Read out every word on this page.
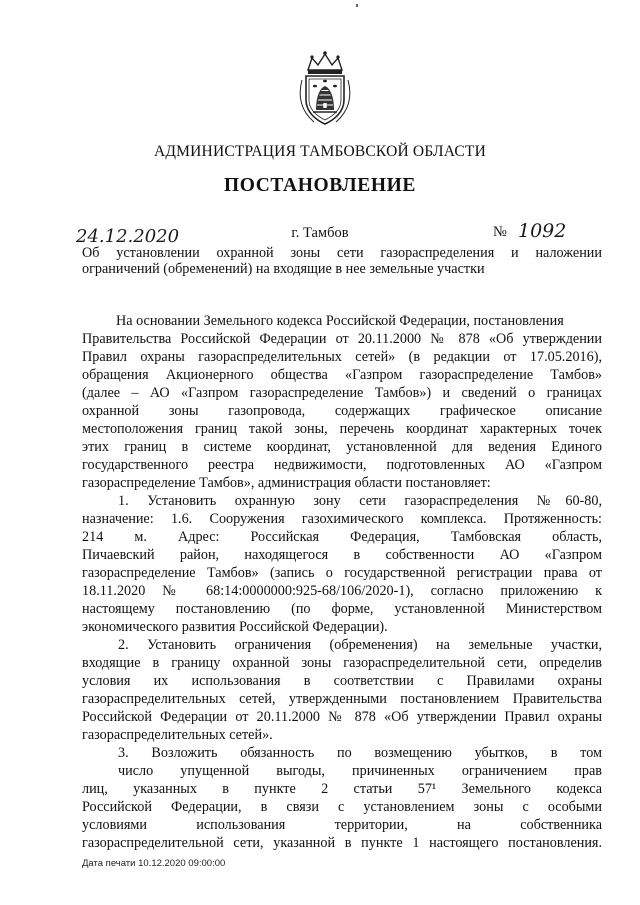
АДМИНИСТРАЦИЯ ТАМБОВСКОЙ ОБЛАСТИ
ПОСТАНОВЛЕНИЕ
24.12.2020	г. Тамбов	№ 1092
Об установлении охранной зоны сети газораспределения и наложении
ограничений (обременений) на входящие в нее земельные участки
На основании Земельного кодекса Российской Федерации, постановления
Правительства Российской Федерации от 20.11.2000 № 878 «Об утверждении
Правил охраны газораспределительных сетей» (в редакции от 17.05.2016),
обращения Акционерного общества «Газпром газораспределение Тамбов»
(далее – АО «Газпром газораспределение Тамбов») и сведений о границах
охранной зоны газопровода, содержащих графическое описание
местоположения границ такой зоны, перечень координат характерных точек
этих границ в системе координат, установленной для ведения Единого
государственного реестра недвижимости, подготовленных АО «Газпром
газораспределение Тамбов», администрация области постановляет:
1. Установить охранную зону сети газораспределения №60-80,
назначение: 1.6. Сооружения газохимического комплекса. Протяженность:
214 м. Адрес: Российская Федерация, Тамбовская область,
Пичаевский район, находящегося в собственности АО «Газпром
газораспределение Тамбов» (запись о государственной регистрации права от
18.11.2020 № 68:14:0000000:925-68/106/2020-1), согласно приложению к
настоящему постановлению (по форме, установленной Министерством
экономического развития Российской Федерации).
2. Установить ограничения (обременения) на земельные участки,
входящие в границу охранной зоны газораспределительной сети, определив
условия их использования в соответствии с Правилами охраны
газораспределительных сетей, утвержденными постановлением Правительства
Российской Федерации от 20.11.2000 № 878 «Об утверждении Правил охраны
газораспределительных сетей».
3. Возложить обязанность по возмещению убытков, в том
число упущенной выгоды, причиненных ограничением прав
лиц, указанных в пункте 2 статьи 57¹ Земельного кодекса
Российской Федерации, в связи с установлением зоны с особыми
условиями использования территории, на собственника
газораспределительной сети, указанной в пункте 1 настоящего постановления.
Дата печати 10.12.2020 09:00:00
